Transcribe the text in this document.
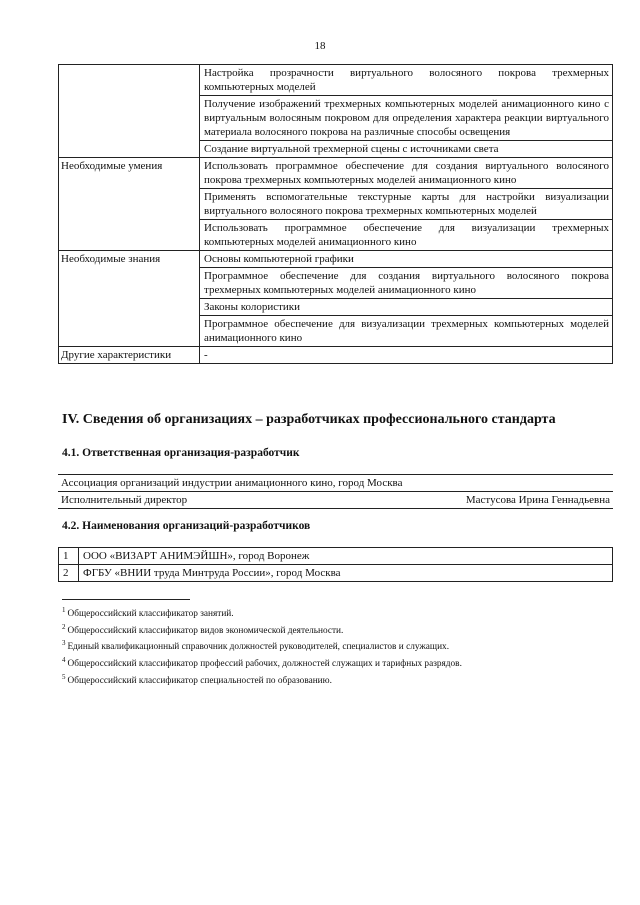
18
	Настройка прозрачности виртуального волосяного покрова трехмерных компьютерных моделей
	Получение изображений трехмерных компьютерных моделей анимационного кино с виртуальным волосяным покровом для определения характера реакции виртуального материала волосяного покрова на различные способы освещения
	Создание виртуальной трехмерной сцены с источниками света
Необходимые умения	Использовать программное обеспечение для создания виртуального волосяного покрова трехмерных компьютерных моделей анимационного кино
	Применять вспомогательные текстурные карты для настройки визуализации виртуального волосяного покрова трехмерных компьютерных моделей
	Использовать программное обеспечение для визуализации трехмерных компьютерных моделей анимационного кино
Необходимые знания	Основы компьютерной графики
	Программное обеспечение для создания виртуального волосяного покрова трехмерных компьютерных моделей анимационного кино
	Законы колористики
	Программное обеспечение для визуализации трехмерных компьютерных моделей анимационного кино
Другие характеристики	-
IV. Сведения об организациях – разработчиках профессионального стандарта
4.1. Ответственная организация-разработчик
Ассоциация организаций индустрии анимационного кино, город Москва
Исполнительный директор	Мастусова Ирина Геннадьевна
4.2. Наименования организаций-разработчиков
1	ООО «ВИЗАРТ АНИМЭЙШН», город Воронеж
2	ФГБУ «ВНИИ труда Минтруда России», город Москва
$^1$ Общероссийский классификатор занятий.
$^2$ Общероссийский классификатор видов экономической деятельности.
$^3$ Единый квалификационный справочник должностей руководителей, специалистов и служащих.
$^4$ Общероссийский классификатор профессий рабочих, должностей служащих и тарифных разрядов.
$^5$ Общероссийский классификатор специальностей по образованию.
